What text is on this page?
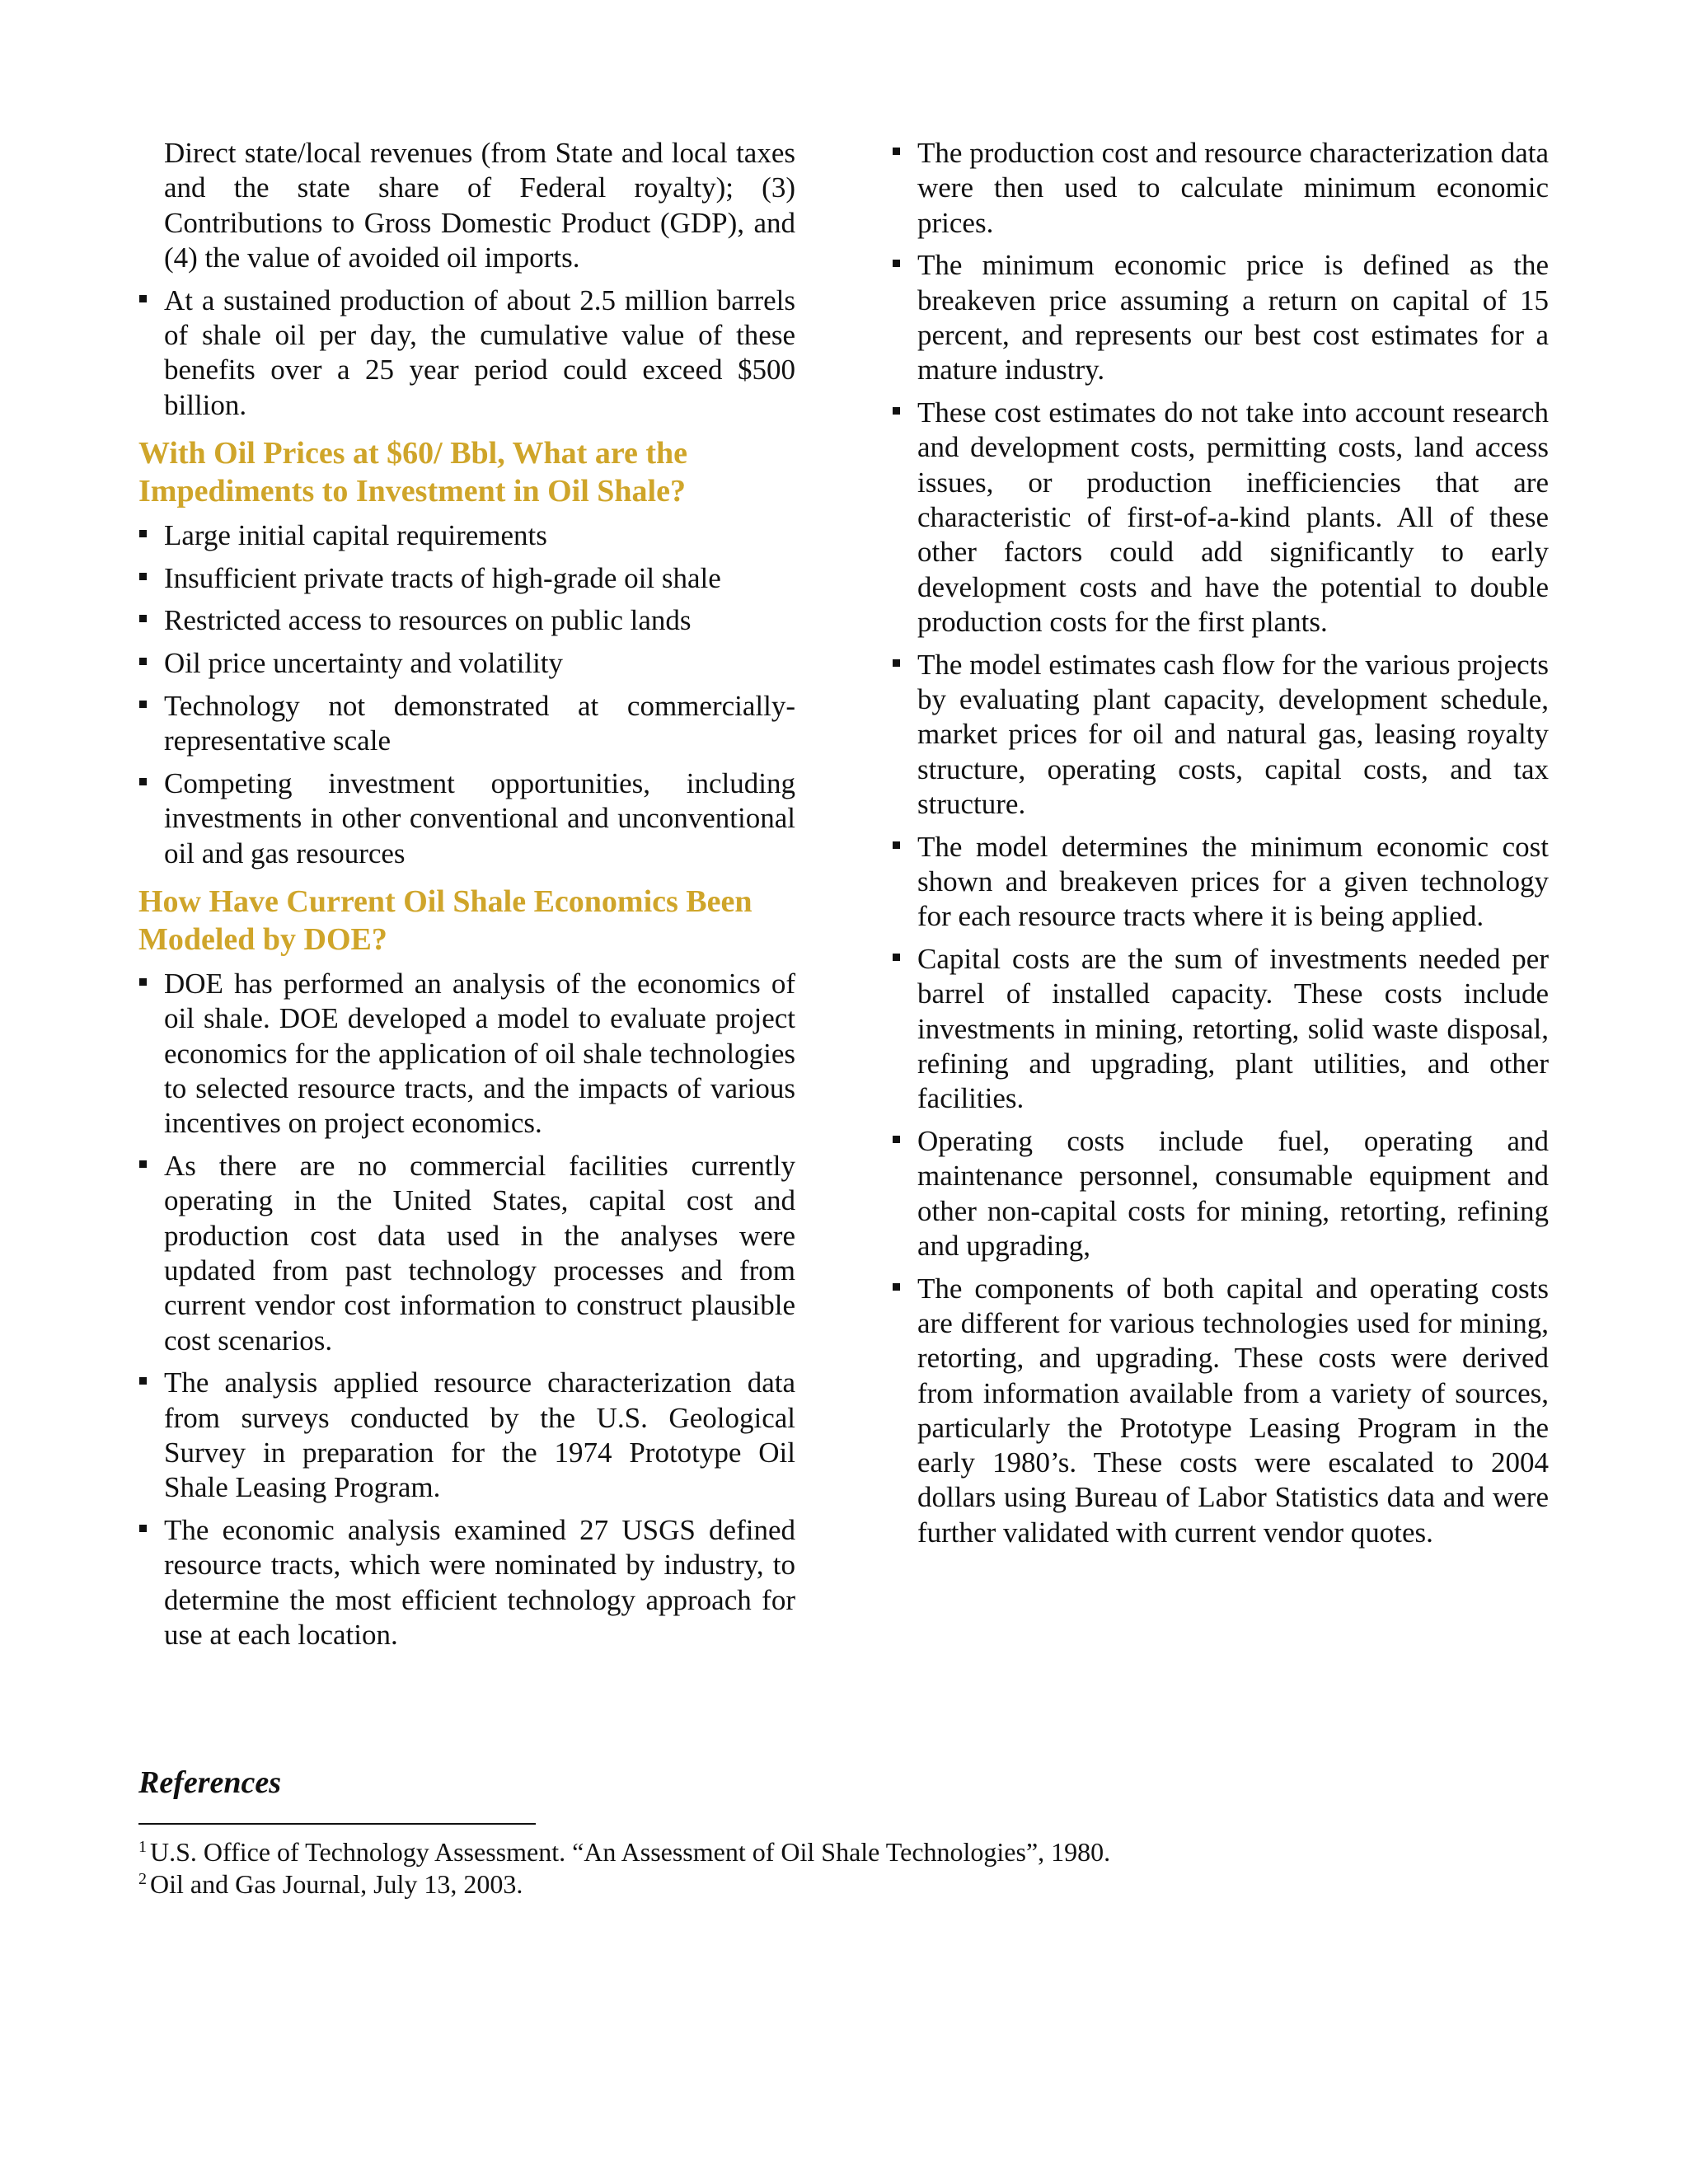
Direct state/local revenues (from State and local taxes and the state share of Federal royalty); (3) Contributions to Gross Domestic Product (GDP), and (4) the value of avoided oil imports.
At a sustained production of about 2.5 million barrels of shale oil per day, the cumulative value of these benefits over a 25 year period could exceed $500 billion.
With Oil Prices at $60/ Bbl, What are the Impediments to Investment in Oil Shale?
Large initial capital requirements
Insufficient private tracts of high-grade oil shale
Restricted access to resources on public lands
Oil price uncertainty and volatility
Technology not demonstrated at commercially-representative scale
Competing investment opportunities, including investments in other conventional and unconventional oil and gas resources
How Have Current Oil Shale Economics Been Modeled by DOE?
DOE has performed an analysis of the economics of oil shale. DOE developed a model to evaluate project economics for the application of oil shale technologies to selected resource tracts, and the impacts of various incentives on project economics.
As there are no commercial facilities currently operating in the United States, capital cost and production cost data used in the analyses were updated from past technology processes and from current vendor cost information to construct plausible cost scenarios.
The analysis applied resource characterization data from surveys conducted by the U.S. Geological Survey in preparation for the 1974 Prototype Oil Shale Leasing Program.
The economic analysis examined 27 USGS defined resource tracts, which were nominated by industry, to determine the most efficient technology approach for use at each location.
The production cost and resource characterization data were then used to calculate minimum economic prices.
The minimum economic price is defined as the breakeven price assuming a return on capital of 15 percent, and represents our best cost estimates for a mature industry.
These cost estimates do not take into account research and development costs, permitting costs, land access issues, or production inefficiencies that are characteristic of first-of-a-kind plants. All of these other factors could add significantly to early development costs and have the potential to double production costs for the first plants.
The model estimates cash flow for the various projects by evaluating plant capacity, development schedule, market prices for oil and natural gas, leasing royalty structure, operating costs, capital costs, and tax structure.
The model determines the minimum economic cost shown and breakeven prices for a given technology for each resource tracts where it is being applied.
Capital costs are the sum of investments needed per barrel of installed capacity. These costs include investments in mining, retorting, solid waste disposal, refining and upgrading, plant utilities, and other facilities.
Operating costs include fuel, operating and maintenance personnel, consumable equipment and other non-capital costs for mining, retorting, refining and upgrading,
The components of both capital and operating costs are different for various technologies used for mining, retorting, and upgrading. These costs were derived from information available from a variety of sources, particularly the Prototype Leasing Program in the early 1980’s. These costs were escalated to 2004 dollars using Bureau of Labor Statistics data and were further validated with current vendor quotes.
References

$^1$ U.S. Office of Technology Assessment. “An Assessment of Oil Shale Technologies”, 1980.

$^2$ Oil and Gas Journal, July 13, 2003.
